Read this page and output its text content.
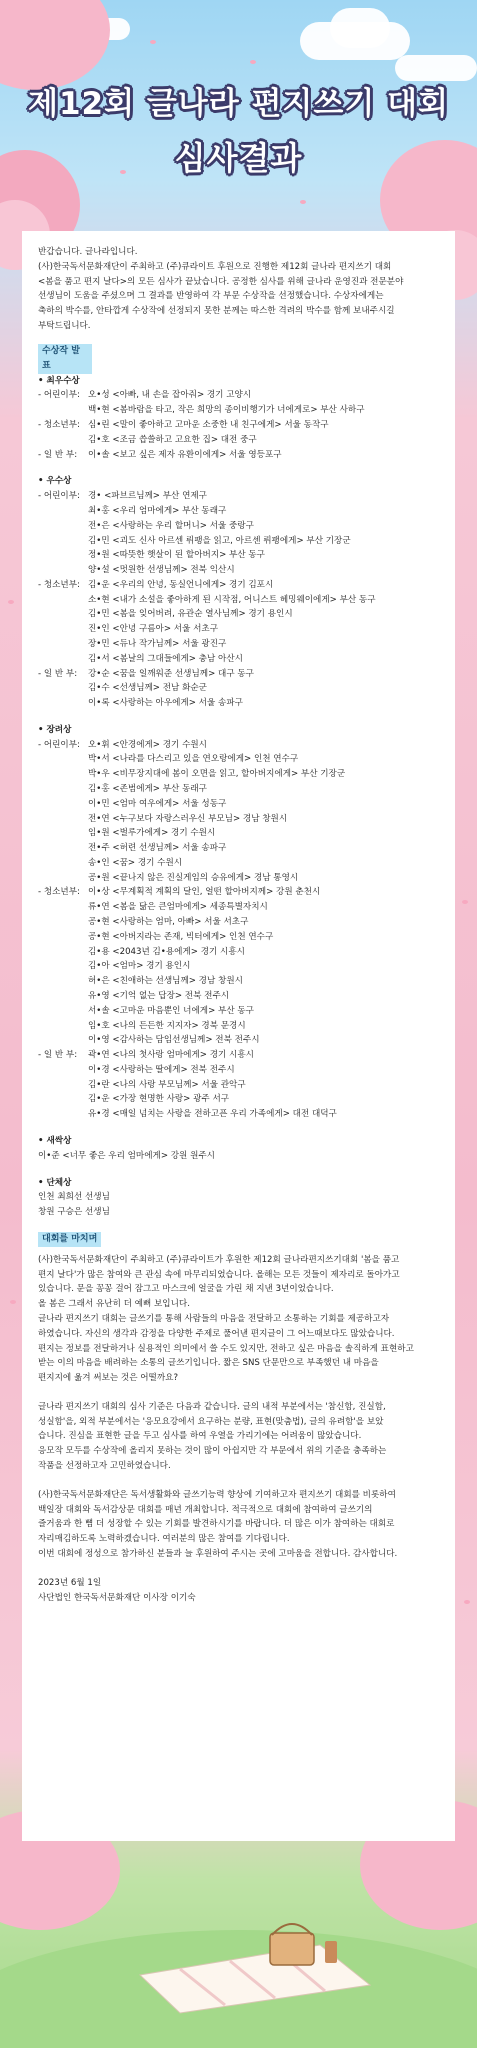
제12회 글나라 편지쓰기 대회
심사결과

반갑습니다. 글나라입니다.

(사)한국독서문화재단이 주최하고 (주)큐라이트 후원으로 진행한 제12회 글나라 편지쓰기 대회

<봄을 품고 편지 날다>의 모든 심사가 끝났습니다. 공정한 심사를 위해 글나라 운영진과 전문분야

선생님이 도움을 주셨으며 그 결과를 반영하여 각 부문 수상작을 선정했습니다. 수상자에게는

축하의 박수를, 안타깝게 수상작에 선정되지 못한 분께는 따스한 격려의 박수를 함께 보내주시길

부탁드립니다.

수상작 발표
• 최우수상
- 어린이부: 오•성 <아빠, 내 손을 잡아줘> 경기 고양시
백•현 <봄바람을 타고, 작은 희망의 종이비행기가 너에게로> 부산 사하구
- 청소년부: 심•린 <말이 좋아하고 고마운 소중한 내 친구에게> 서울 동작구
김•호 <조금 씁쓸하고 고요한 집> 대전 중구
- 일 반 부:	이•솔 <보고 싶은 제자 유환이에게> 서울 영등포구
• 우수상
- 어린이부: 경• <파브르님께> 부산 연제구
최•홍 <우리 엄마에게> 부산 동래구
전•은 <사랑하는 우리 할머니> 서울 중랑구
김•민 <괴도 신사 아르센 뤼팽을 읽고, 아르센 뤼팽에게> 부산 기장군
정•원 <따뜻한 햇살이 된 할아버지> 부산 동구
양•설 <멋원한 선생님께> 전북 익산시
- 청소년부: 김•운 <우리의 안녕, 동실언니에게> 경기 김포시
소•현 <내가 소설을 좋아하게 된 시작점, 어니스트 헤밍웨이에게> 부산 동구
김•민 <봄을 잊어버려, 유관순 열사님께> 경기 용인시
진•인 <안녕 구름아> 서울 서초구
장•민 <듀나 작가님께> 서울 광진구
김•서 <봄날의 그대들에게> 충남 아산시
- 일 반 부:	강•순 <꿈을 일깨워준 선생님께> 대구 동구
김•수 <선생님께> 전남 화순군
이•록 <사랑하는 아우에게> 서울 송파구
• 장려상
- 어린이부: 오•휘 <안경에게> 경기 수원시
박•서 <나라를 다스리고 있을 연오랑에게> 인천 연수구
박•우 <비무장지대에 봄이 오면을 읽고, 할아버지에게> 부산 기장군
김•홍 <존범에게> 부산 동래구
이•민 <엄마 여우에게> 서울 성동구
전•연 <누구보다 자랑스러우신 부모님> 경남 창원시
임•원 <벌루가에게> 경기 수원시
전•주 <허련 선생님께> 서울 송파구
송•인 <꿈> 경기 수원시
공•원 <끝나지 않은 진실게임의 승유에게> 경남 통영시
- 청소년부: 이•상 <무계획적 계획의 달인, 얼떤 할아버지께> 강원 춘천시
류•연 <봄을 닮은 큰엄마에게> 세종특별자치시
공•현 <사랑하는 엄마, 아빠> 서울 서초구
공•현 <아버지라는 존재, 빅터에게> 인천 연수구
김•용 <2043년 김•용에게> 경기 시흥시
김•아 <엄마> 경기 용인시
허•은 <친애하는 선생님께> 경남 창원시
유•영 <기억 없는 답장> 전북 전주시
서•솔 <고마운 마음뿐인 너에게> 부산 동구
임•호 <나의 든든한 지지자> 경북 문경시
이•영 <감사하는 담임선생님께> 전북 전주시
- 일 반 부:	곽•연 <나의 첫사랑 엄마에게> 경기 시흥시
이•경 <사랑하는 딸에게> 전북 전주시
김•란 <나의 사랑 부모님께> 서울 관악구
김•운 <가장 현명한 사랑> 광주 서구
유•경 <매일 넘치는 사랑을 전하고픈 우리 가족에게> 대전 대덕구
• 새싹상
이•준 <너무 좋은 우리 엄마에게> 강원 원주시
• 단체상
인천 최희선 선생님
창원 구승은 선생님
대회를 마치며

(사)한국독서문화재단이 주최하고 (주)큐라이트가 후원한 제12회 글나라편지쓰기대회 '봄을 품고

편지 날다'가 많은 참여와 큰 관심 속에 마무리되었습니다. 올해는 모든 것들이 제자리로 돌아가고

있습니다. 문을 꽁꽁 걸어 잠그고 마스크에 얼굴을 가린 채 지낸 3년이었습니다.

올 봄은 그래서 유난히 더 예뻐 보입니다.

글나라 편지쓰기 대회는 글쓰기를 통해 사람들의 마음을 전달하고 소통하는 기회를 제공하고자

하였습니다. 자신의 생각과 감정을 다양한 주제로 풀어낸 편지글이 그 어느때보다도 많았습니다.

편지는 정보를 전달하거나 실용적인 의미에서 쓸 수도 있지만, 전하고 싶은 마음을 솔직하게 표현하고

받는 이의 마음을 배려하는 소통의 글쓰기입니다. 짧은 SNS 단문만으로 부족했던 내 마음을

편지지에 옮겨 써보는 것은 어떨까요?

글나라 편지쓰기 대회의 심사 기준은 다음과 같습니다. 글의 내적 부분에서는 '참신함, 진실함,

성실함'을, 외적 부분에서는 '응모요강에서 요구하는 분량, 표현(맞춤법), 글의 유려함'을 보았

습니다. 진심을 표현한 글을 두고 심사를 하여 우열을 가리기에는 어려움이 많았습니다.

응모작 모두를 수상작에 올리지 못하는 것이 많이 아쉽지만 각 부문에서 위의 기준을 충족하는

작품을 선정하고자 고민하였습니다.

(사)한국독서문화재단은 독서생활화와 글쓰기능력 향상에 기여하고자 편지쓰기 대회를 비롯하여

백일장 대회와 독서감상문 대회를 매년 개최합니다. 적극적으로 대회에 참여하여 글쓰기의

즐거움과 한 뼘 더 성장할 수 있는 기회를 발견하시기를 바랍니다. 더 많은 이가 참여하는 대회로

자리매김하도록 노력하겠습니다. 여러분의 많은 참여를 기다립니다.

이번 대회에 정성으로 참가하신 분들과 늘 후원하여 주시는 곳에 고마움을 전합니다. 감사합니다.

2023년 6월 1일

사단법인 한국독서문화재단 이사장 이기숙
